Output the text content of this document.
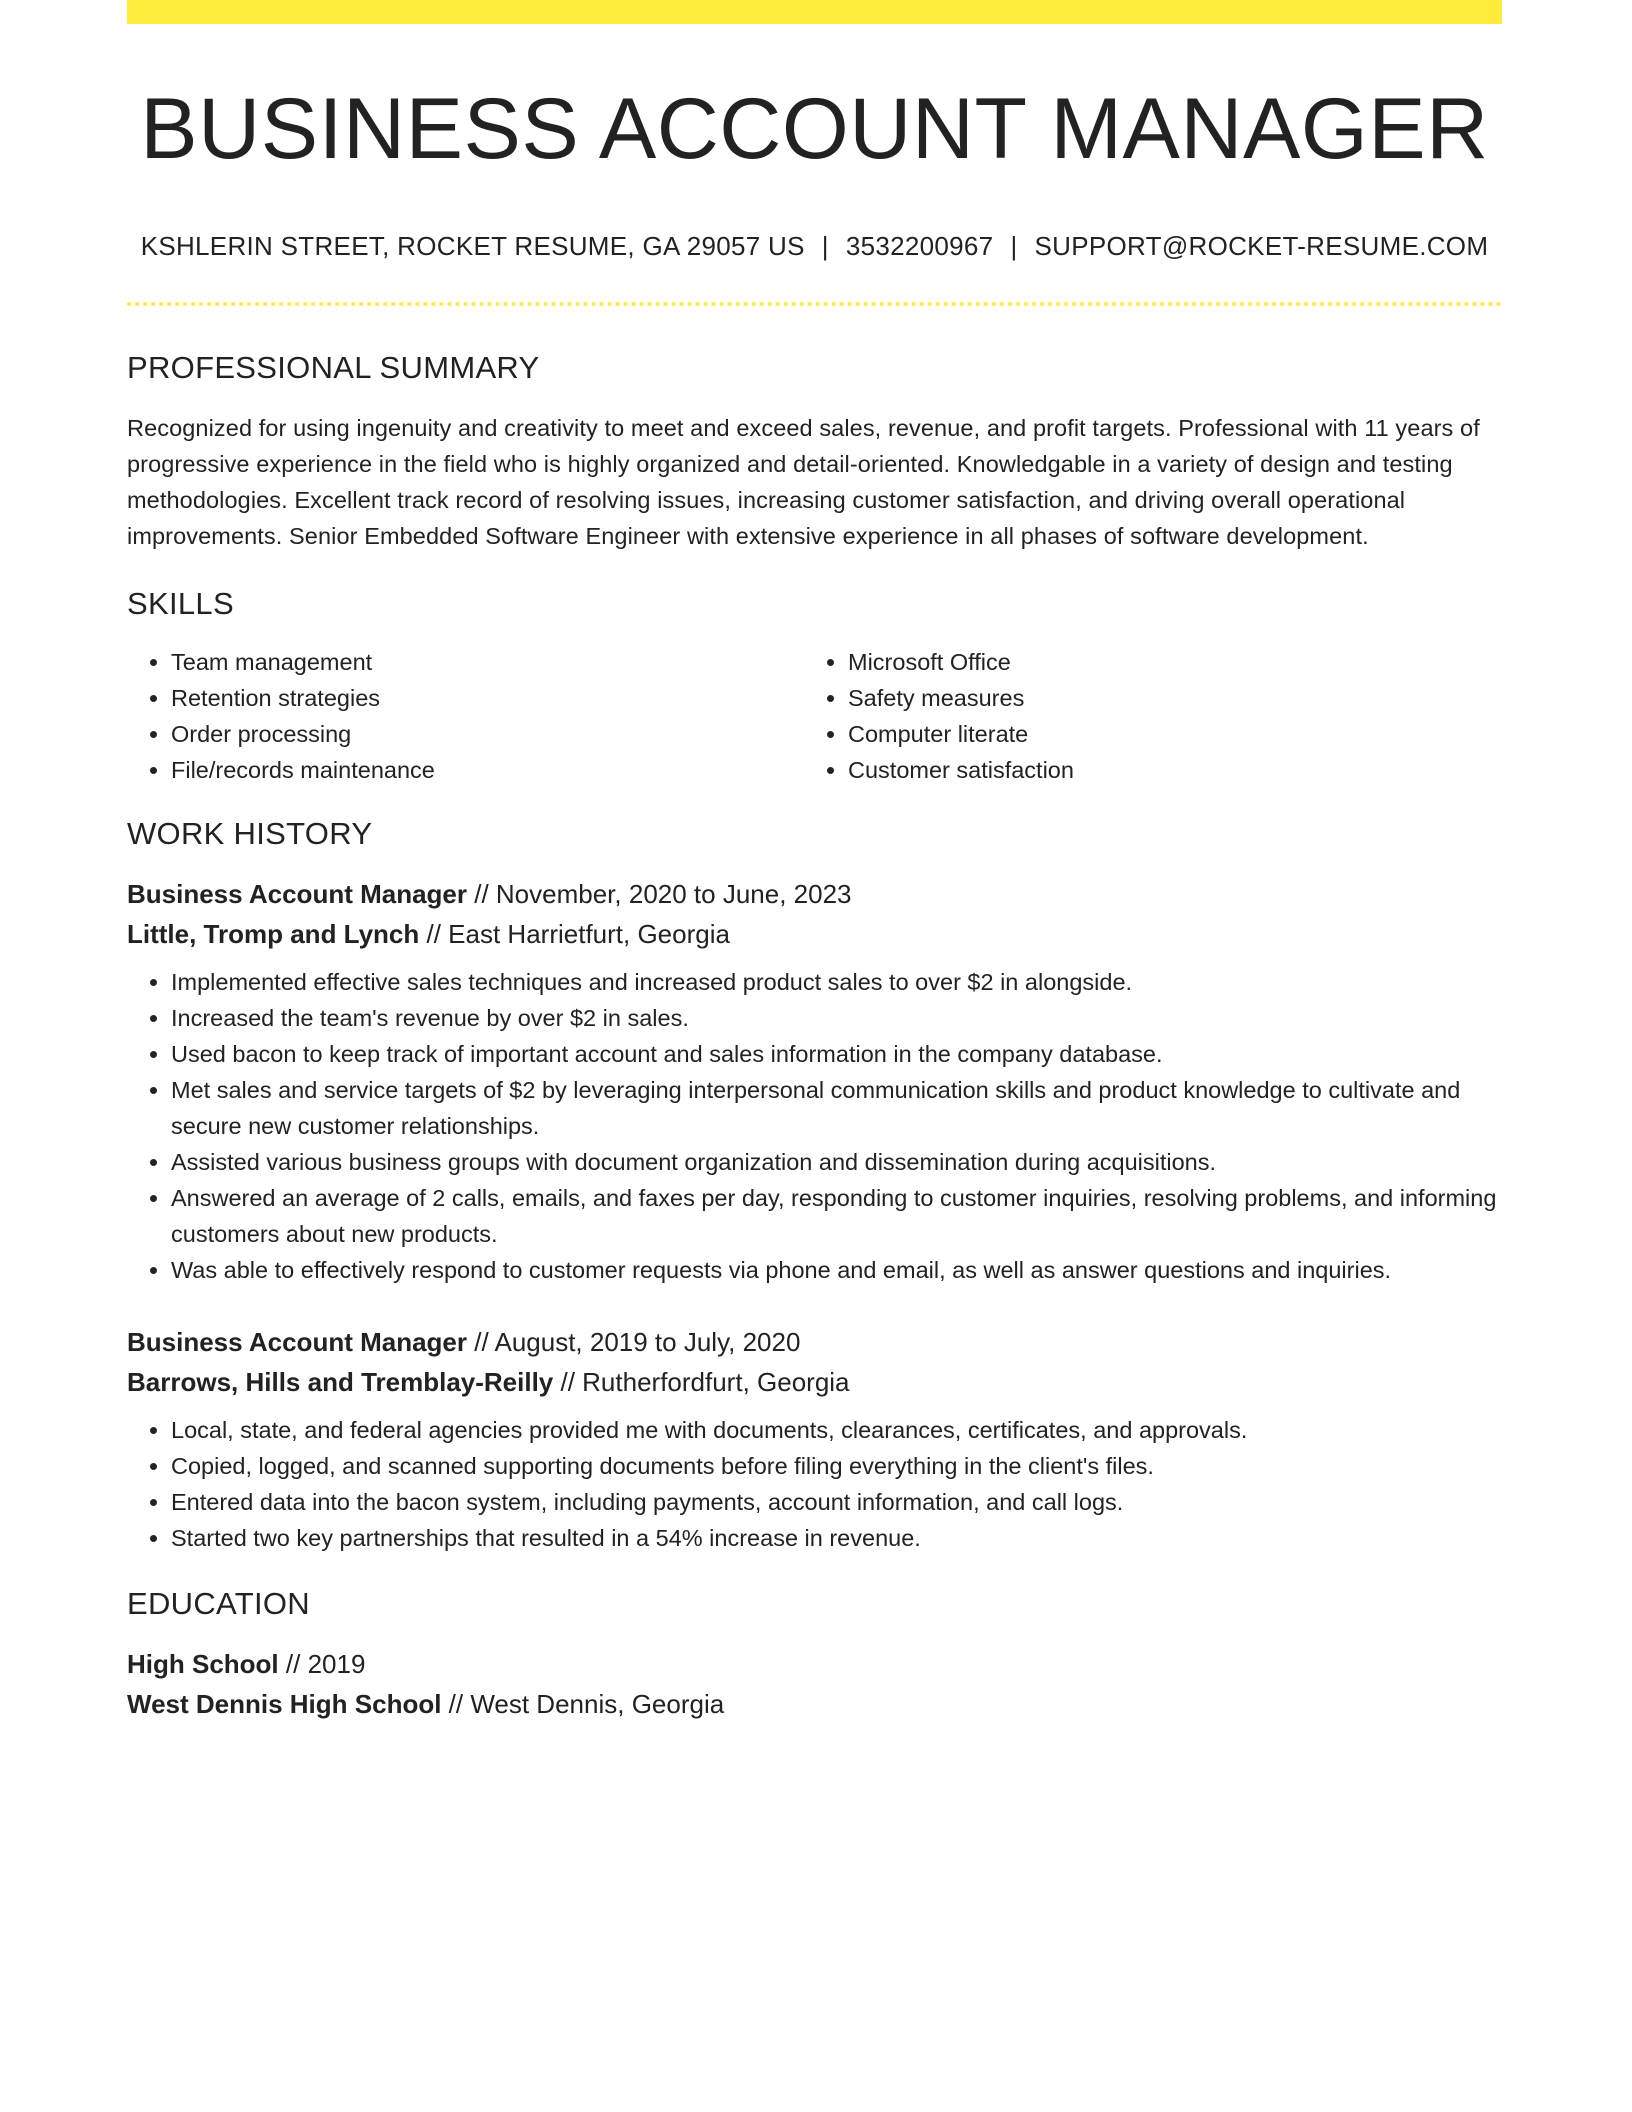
BUSINESS ACCOUNT MANAGER
KSHLERIN STREET, ROCKET RESUME, GA 29057 US | 3532200967 | SUPPORT@ROCKET-RESUME.COM
PROFESSIONAL SUMMARY
Recognized for using ingenuity and creativity to meet and exceed sales, revenue, and profit targets. Professional with 11 years of progressive experience in the field who is highly organized and detail-oriented. Knowledgable in a variety of design and testing methodologies. Excellent track record of resolving issues, increasing customer satisfaction, and driving overall operational improvements. Senior Embedded Software Engineer with extensive experience in all phases of software development.
SKILLS
• Team management
• Retention strategies
• Order processing
• File/records maintenance
• Microsoft Office
• Safety measures
• Computer literate
• Customer satisfaction
WORK HISTORY
Business Account Manager // November, 2020 to June, 2023
Little, Tromp and Lynch // East Harrietfurt, Georgia
• Implemented effective sales techniques and increased product sales to over $2 in alongside.
• Increased the team's revenue by over $2 in sales.
• Used bacon to keep track of important account and sales information in the company database.
• Met sales and service targets of $2 by leveraging interpersonal communication skills and product knowledge to cultivate and secure new customer relationships.
• Assisted various business groups with document organization and dissemination during acquisitions.
• Answered an average of 2 calls, emails, and faxes per day, responding to customer inquiries, resolving problems, and informing customers about new products.
• Was able to effectively respond to customer requests via phone and email, as well as answer questions and inquiries.
Business Account Manager // August, 2019 to July, 2020
Barrows, Hills and Tremblay-Reilly // Rutherfordfurt, Georgia
• Local, state, and federal agencies provided me with documents, clearances, certificates, and approvals.
• Copied, logged, and scanned supporting documents before filing everything in the client's files.
• Entered data into the bacon system, including payments, account information, and call logs.
• Started two key partnerships that resulted in a 54% increase in revenue.
EDUCATION
High School // 2019
West Dennis High School // West Dennis, Georgia
